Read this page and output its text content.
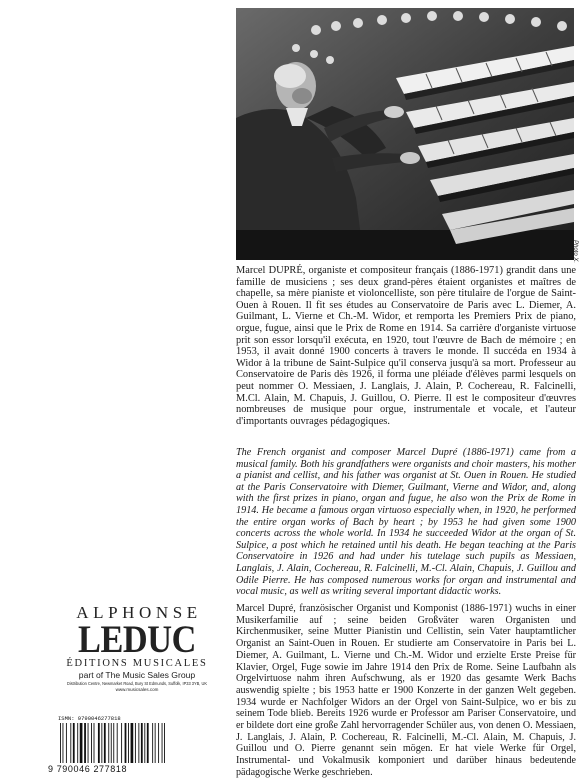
Photo X.

Marcel DUPRÉ, organiste et compositeur français (1886-1971) grandit dans une famille de musiciens ; ses deux grand-pères étaient organistes et maîtres de chapelle, sa mère pianiste et violoncelliste, son père titulaire de l'orgue de Saint-Ouen à Rouen. Il fit ses études au Conservatoire de Paris avec L. Diemer, A. Guilmant, L. Vierne et Ch.-M. Widor, et remporta les Premiers Prix de piano, orgue, fugue, ainsi que le Prix de Rome en 1914. Sa carrière d'organiste virtuose prit son essor lorsqu'il exécuta, en 1920, tout l'œuvre de Bach de mémoire ; en 1953, il avait donné 1900 concerts à travers le monde. Il succéda en 1934 à Widor à la tribune de Saint-Sulpice qu'il conserva jusqu'à sa mort. Professeur au Conservatoire de Paris dès 1926, il forma une pléiade d'élèves parmi lesquels on peut nommer O. Messiaen, J. Langlais, J. Alain, P. Cochereau, R. Falcinelli, M.Cl. Alain, M. Chapuis, J. Guillou, O. Pierre. Il est le compositeur d'œuvres nombreuses de musique pour orgue, instrumentale et vocale, et l'auteur d'importants ouvrages pédagogiques.

The French organist and composer Marcel Dupré (1886-1971) came from a musical family. Both his grandfathers were organists and choir masters, his mother a pianist and cellist, and his father was organist at St. Ouen in Rouen. He studied at the Paris Conservatoire with Diemer, Guilmant, Vierne and Widor, and, along with the first prizes in piano, organ and fugue, he also won the Prix de Rome in 1914. He became a famous organ virtuoso especially when, in 1920, he performed the entire organ works of Bach by heart ; by 1953 he had given some 1900 concerts across the whole world. In 1934 he succeeded Widor at the organ of St. Sulpice, a post which he retained until his death. He began teaching at the Paris Conservatoire in 1926 and had under his tutelage such pupils as Messiaen, Langlais, J. Alain, Cochereau, R. Falcinelli, M.-Cl. Alain, Chapuis, J. Guillou and Odile Pierre. He has composed numerous works for organ and instrumental and vocal music, as well as writing several important didactic works.

Marcel Dupré, französischer Organist und Komponist (1886-1971) wuchs in einer Musikerfamilie auf ; seine beiden Großväter waren Organisten und Kirchenmusiker, seine Mutter Pianistin und Cellistin, sein Vater hauptamtlicher Organist an Saint-Ouen in Rouen. Er studierte am Conservatoire in Paris bei L. Diemer, A. Guilmant, L. Vierne und Ch.-M. Widor und erzielte Erste Preise für Klavier, Orgel, Fuge sowie im Jahre 1914 den Prix de Rome. Seine Laufbahn als Orgelvirtuose nahm ihren Aufschwung, als er 1920 das gesamte Werk Bachs auswendig spielte ; bis 1953 hatte er 1900 Konzerte in der ganzen Welt gegeben. 1934 wurde er Nachfolger Widors an der Orgel von Saint-Sulpice, wo er bis zu seinem Tode blieb. Bereits 1926 wurde er Professor am Pariser Conservatoire, und er bildete dort eine große Zahl hervorragender Schüler aus, von denen O. Messiaen, J. Langlais, J. Alain, P. Cochereau, R. Falcinelli, M.-Cl. Alain, M. Chapuis, J. Guillou und O. Pierre genannt sein mögen. Er hat viele Werke für Orgel, Instrumental- und Vokalmusik komponiert und darüber hinaus bedeutende pädagogische Werke geschrieben.

ALPHONSE
LEDUC
ÉDITIONS MUSICALES
part of The Music Sales Group
Distribution Centre, Newmarket Road, Bury St Edmunds, Suffolk, IP33 3YB, UK
www.musicsales.com
ISMN: 9790046277818
9 790046 277818
